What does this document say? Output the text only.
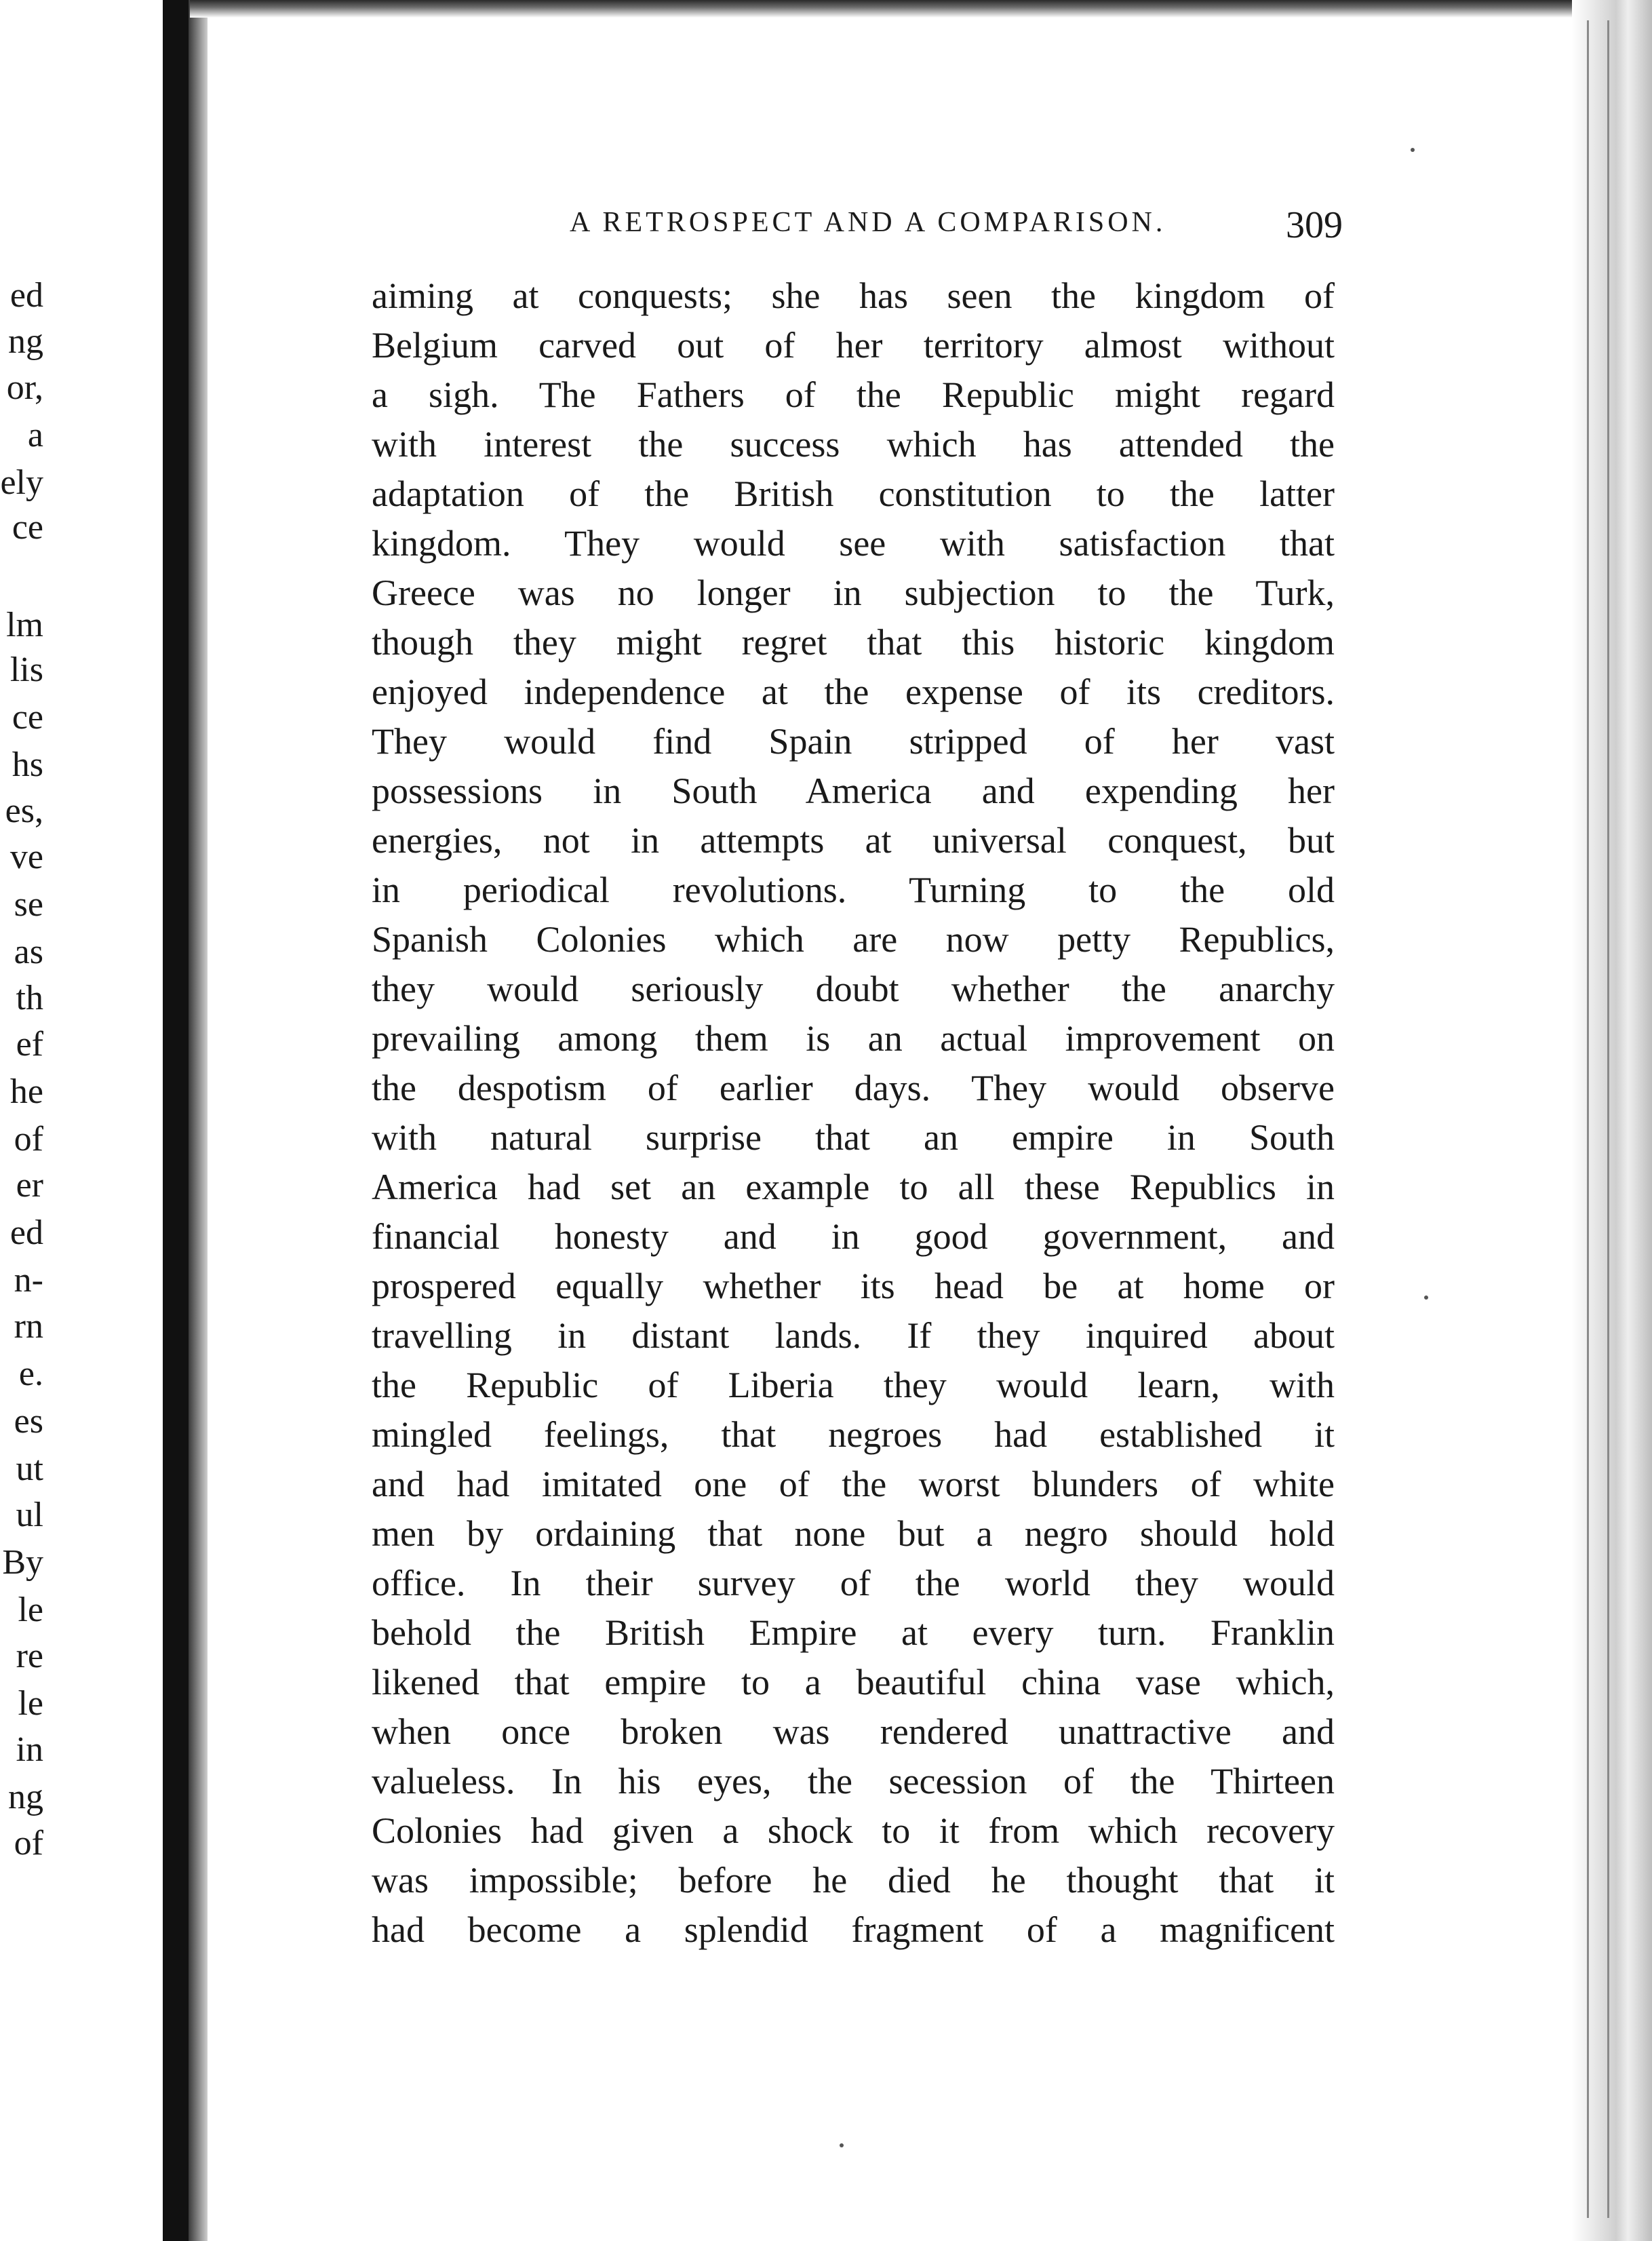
ed
ng
or,
a
ely
ce
lm
lis
ce
hs
es,
ve
se
as
th
ef
he
of
er
ed
n-
rn
e.
es
ut
ul
By
le
re
le
in
ng
of
A RETROSPECT AND A COMPARISON.	309
aiming at conquests; she has seen the kingdom of
Belgium carved out of her territory almost without
a sigh. The Fathers of the Republic might regard
with interest the success which has attended the
adaptation of the British constitution to the latter
kingdom. They would see with satisfaction that
Greece was no longer in subjection to the Turk,
though they might regret that this historic kingdom
enjoyed independence at the expense of its creditors.
They would find Spain stripped of her vast
possessions in South America and expending her
energies, not in attempts at universal conquest, but
in periodical revolutions. Turning to the old
Spanish Colonies which are now petty Republics,
they would seriously doubt whether the anarchy
prevailing among them is an actual improvement on
the despotism of earlier days. They would observe
with natural surprise that an empire in South
America had set an example to all these Republics in
financial honesty and in good government, and
prospered equally whether its head be at home or
travelling in distant lands. If they inquired about
the Republic of Liberia they would learn, with
mingled feelings, that negroes had established it
and had imitated one of the worst blunders of white
men by ordaining that none but a negro should hold
office. In their survey of the world they would
behold the British Empire at every turn. Franklin
likened that empire to a beautiful china vase which,
when once broken was rendered unattractive and
valueless. In his eyes, the secession of the Thirteen
Colonies had given a shock to it from which recovery
was impossible; before he died he thought that it
had become a splendid fragment of a magnificent
